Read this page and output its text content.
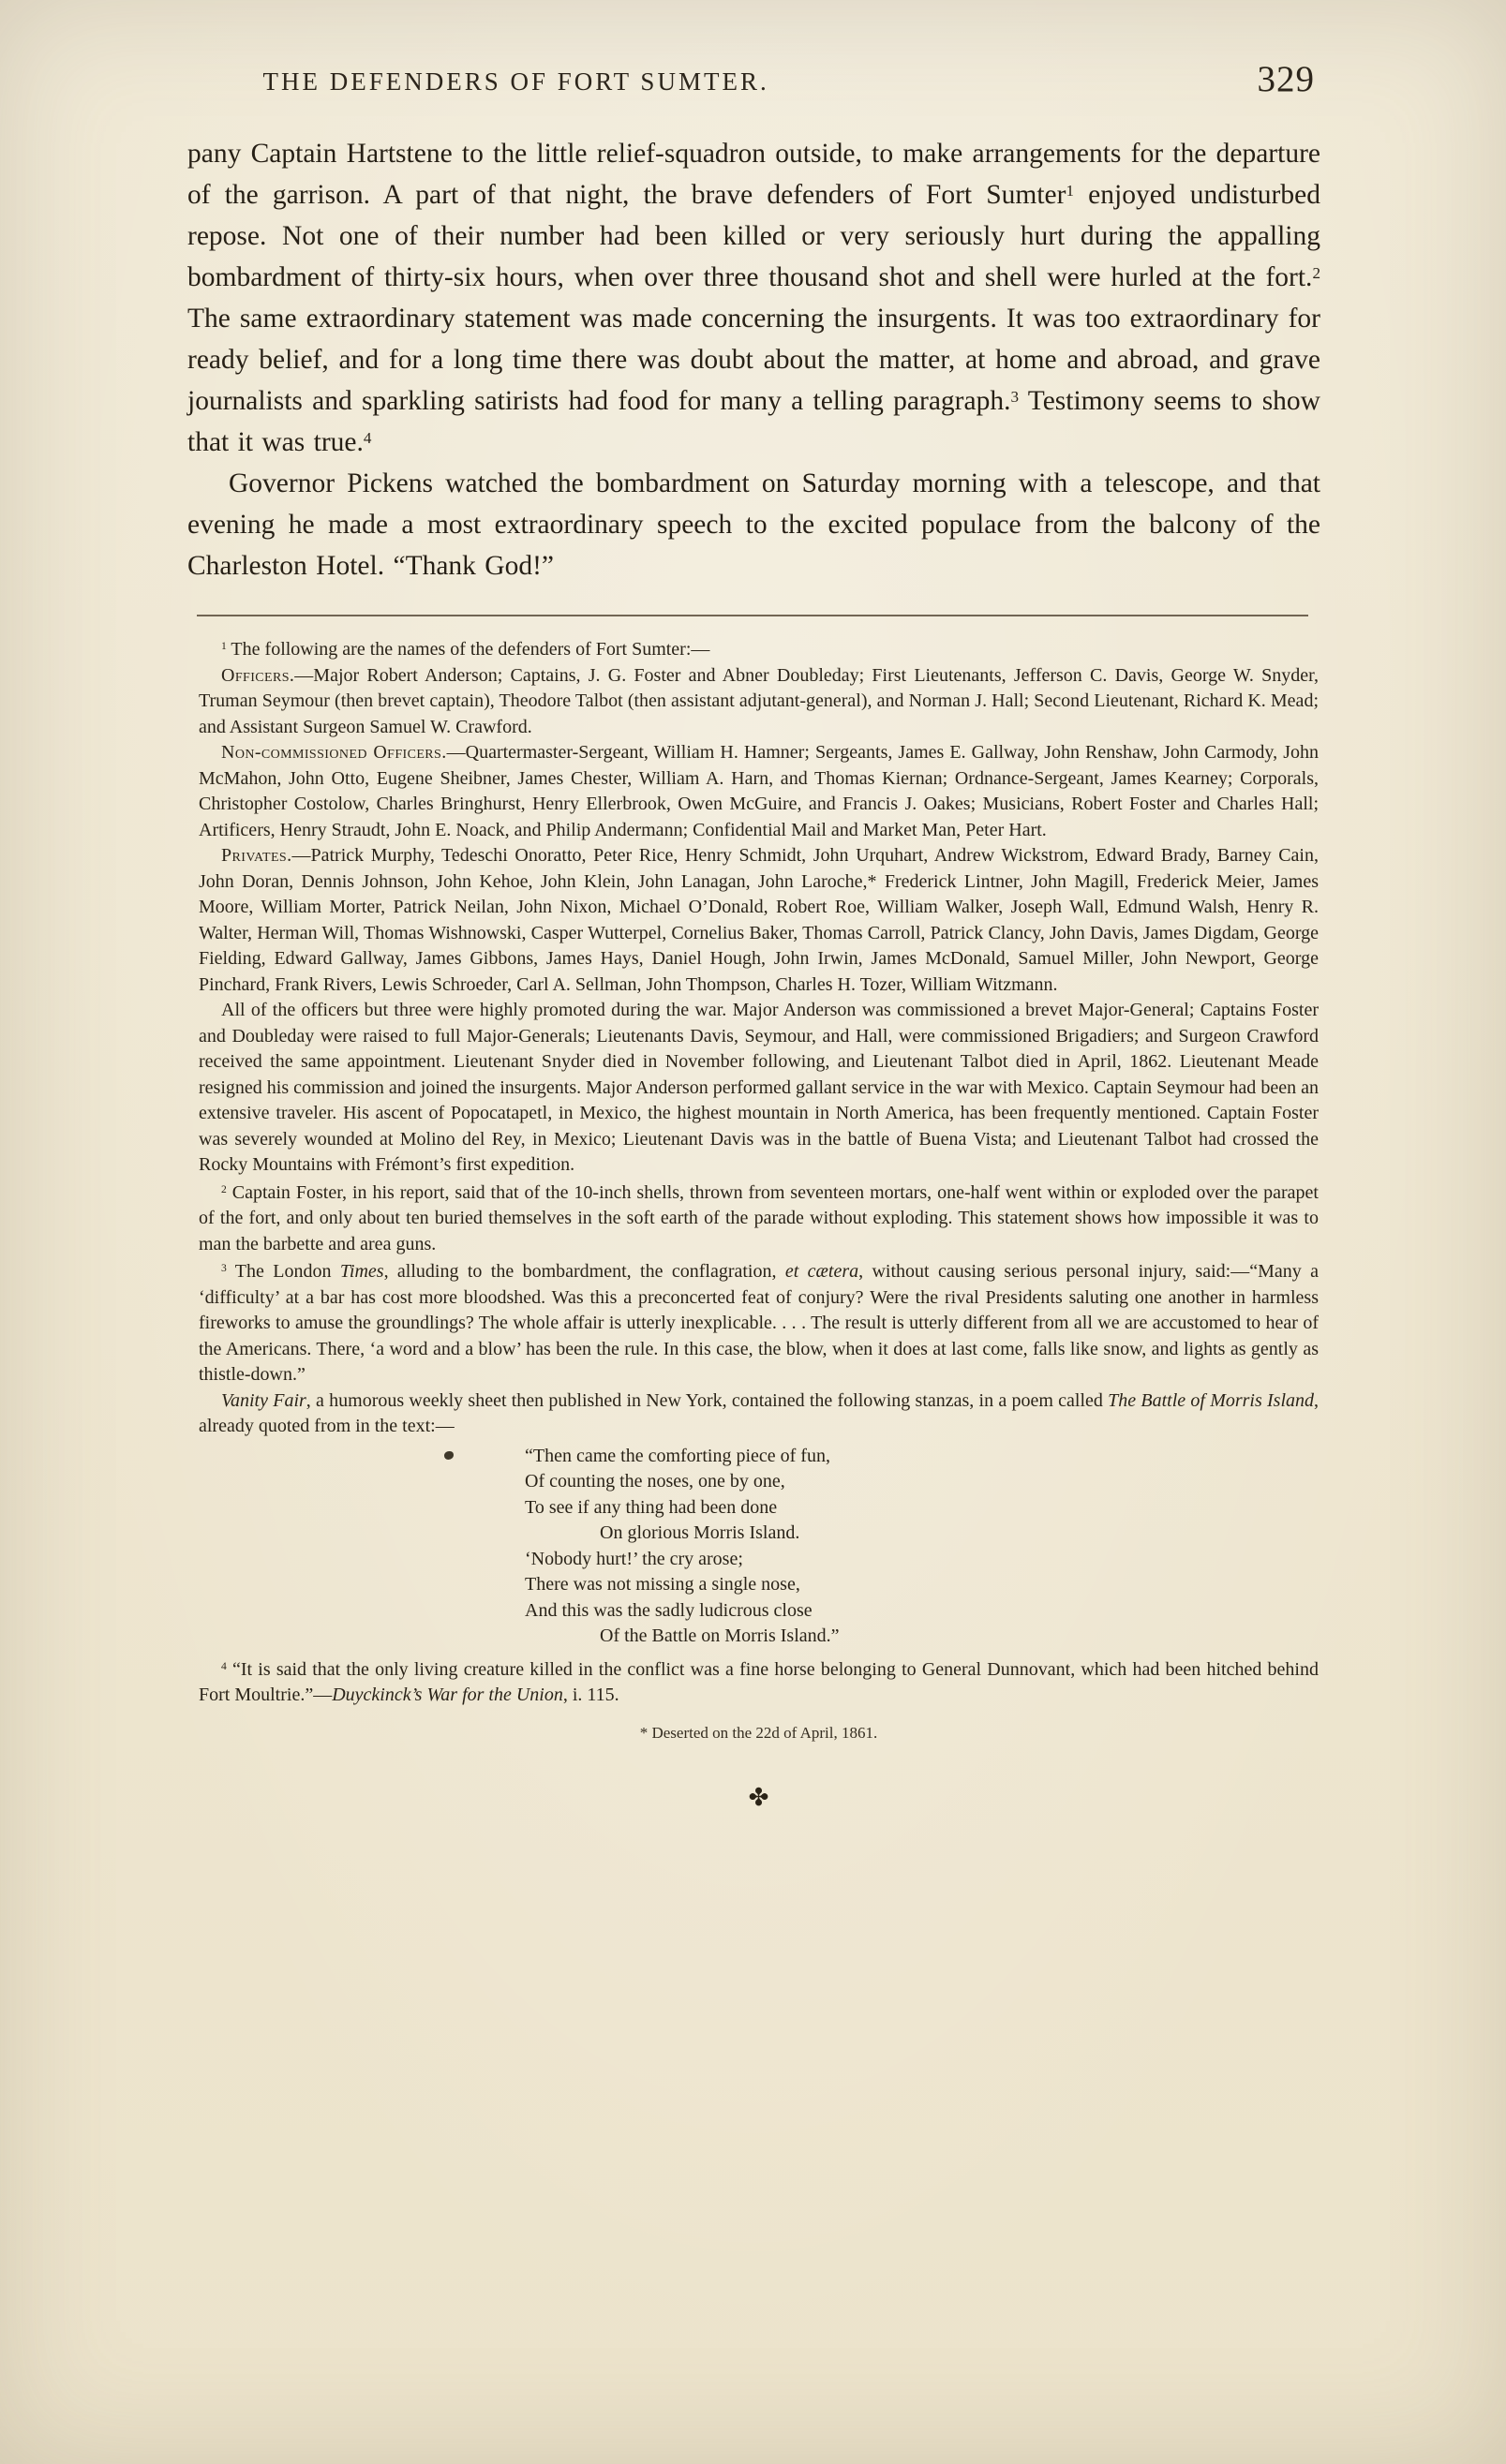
THE DEFENDERS OF FORT SUMTER.	329

pany Captain Hartstene to the little relief-squadron outside, to make arrangements for the departure of the garrison. A part of that night, the brave defenders of Fort Sumter$^1$ enjoyed undisturbed repose. Not one of their number had been killed or very seriously hurt during the appalling bombardment of thirty-six hours, when over three thousand shot and shell were hurled at the fort.$^2$ The same extraordinary statement was made concerning the insurgents. It was too extraordinary for ready belief, and for a long time there was doubt about the matter, at home and abroad, and grave journalists and sparkling satirists had food for many a telling paragraph.$^3$ Testimony seems to show that it was true.$^4$

Governor Pickens watched the bombardment on Saturday morning with a telescope, and that evening he made a most extraordinary speech to the excited populace from the balcony of the Charleston Hotel. “Thank God!”

$^1$ The following are the names of the defenders of Fort Sumter:—

Officers.—Major Robert Anderson; Captains, J. G. Foster and Abner Doubleday; First Lieutenants, Jefferson C. Davis, George W. Snyder, Truman Seymour (then brevet captain), Theodore Talbot (then assistant adjutant-general), and Norman J. Hall; Second Lieutenant, Richard K. Mead; and Assistant Surgeon Samuel W. Crawford.

Non-commissioned Officers.—Quartermaster-Sergeant, William H. Hamner; Sergeants, James E. Gallway, John Renshaw, John Carmody, John McMahon, John Otto, Eugene Sheibner, James Chester, William A. Harn, and Thomas Kiernan; Ordnance-Sergeant, James Kearney; Corporals, Christopher Costolow, Charles Bringhurst, Henry Ellerbrook, Owen McGuire, and Francis J. Oakes; Musicians, Robert Foster and Charles Hall; Artificers, Henry Straudt, John E. Noack, and Philip Andermann; Confidential Mail and Market Man, Peter Hart.

Privates.—Patrick Murphy, Tedeschi Onoratto, Peter Rice, Henry Schmidt, John Urquhart, Andrew Wickstrom, Edward Brady, Barney Cain, John Doran, Dennis Johnson, John Kehoe, John Klein, John Lanagan, John Laroche,* Frederick Lintner, John Magill, Frederick Meier, James Moore, William Morter, Patrick Neilan, John Nixon, Michael O’Donald, Robert Roe, William Walker, Joseph Wall, Edmund Walsh, Henry R. Walter, Herman Will, Thomas Wishnowski, Casper Wutterpel, Cornelius Baker, Thomas Carroll, Patrick Clancy, John Davis, James Digdam, George Fielding, Edward Gallway, James Gibbons, James Hays, Daniel Hough, John Irwin, James McDonald, Samuel Miller, John Newport, George Pinchard, Frank Rivers, Lewis Schroeder, Carl A. Sellman, John Thompson, Charles H. Tozer, William Witzmann.

All of the officers but three were highly promoted during the war. Major Anderson was commissioned a brevet Major-General; Captains Foster and Doubleday were raised to full Major-Generals; Lieutenants Davis, Seymour, and Hall, were commissioned Brigadiers; and Surgeon Crawford received the same appointment. Lieutenant Snyder died in November following, and Lieutenant Talbot died in April, 1862. Lieutenant Meade resigned his commission and joined the insurgents. Major Anderson performed gallant service in the war with Mexico. Captain Seymour had been an extensive traveler. His ascent of Popocatapetl, in Mexico, the highest mountain in North America, has been frequently mentioned. Captain Foster was severely wounded at Molino del Rey, in Mexico; Lieutenant Davis was in the battle of Buena Vista; and Lieutenant Talbot had crossed the Rocky Mountains with Frémont’s first expedition.

$^2$ Captain Foster, in his report, said that of the 10-inch shells, thrown from seventeen mortars, one-half went within or exploded over the parapet of the fort, and only about ten buried themselves in the soft earth of the parade without exploding. This statement shows how impossible it was to man the barbette and area guns.

$^3$ The London Times, alluding to the bombardment, the conflagration, et cætera, without causing serious personal injury, said:—“Many a ‘difficulty’ at a bar has cost more bloodshed. Was this a preconcerted feat of conjury? Were the rival Presidents saluting one another in harmless fireworks to amuse the groundlings? The whole affair is utterly inexplicable. . . . The result is utterly different from all we are accustomed to hear of the Americans. There, ‘a word and a blow’ has been the rule. In this case, the blow, when it does at last come, falls like snow, and lights as gently as thistle-down.”

Vanity Fair, a humorous weekly sheet then published in New York, contained the following stanzas, in a poem called The Battle of Morris Island, already quoted from in the text:—

“Then came the comforting piece of fun,
Of counting the noses, one by one,
To see if any thing had been done
On glorious Morris Island.
‘Nobody hurt!’ the cry arose;
There was not missing a single nose,
And this was the sadly ludicrous close
Of the Battle on Morris Island.”

$^4$ “It is said that the only living creature killed in the conflict was a fine horse belonging to General Dunnovant, which had been hitched behind Fort Moultrie.”—Duyckinck’s War for the Union, i. 115.

* Deserted on the 22d of April, 1861.

✤
